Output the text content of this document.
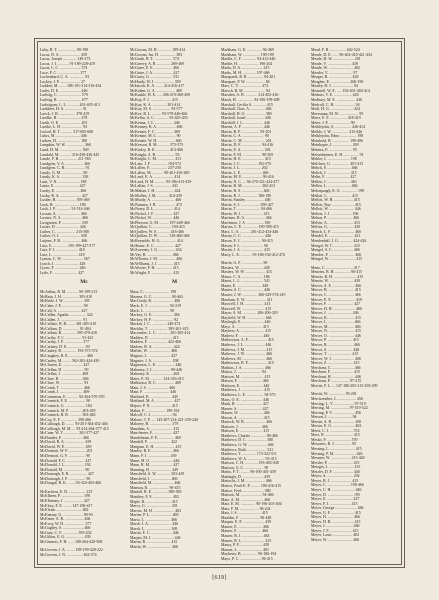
Luby, R. T. .................. 90-198
Lucas, D. A. .................... 439
Lucas, Joseph .............. 149-273
Lucas, J. I. ........... 91-189-228-419
Lucas, L. C. ..................... 574
Luce, F. C. ...................... 377
Luchenbard, C. A. ............... 93
Luckey, J. F. .................... 27
Ludden, M. ....... 186-191-314-316-434
Luder, D. E. ..................... 446
Ludwig, C. ....................... 579
Ludwig, R. ....................... 677
Ludwigsen, L. L. ........... 201-405-413
Luebbert, H. A. ................. 91
Lueck, J. B. ................ 378-419
Luedke, B. ....................... 478
Lueth, O. E. ..................... 201
Luetke, L. H. ..................... 93
Luford, H. T. ........... 317-605-606
Luhrs, M. ........................ 446
Luiken, H. ....................... 188
Lumpkin, W. W. .................. 360
Lund, H. M. ...................... 569
Lundahl, M. ........... 316-438-436-445
Lunde, F. H. ................. 211-565
Lundgren, V. A. .................. 466
Lundgren, C. R. ................... 91
Lundy, G. M. ..................... 90
Lundy, K. A. ..................... 339
Lunt, V. N. ...................... 188
Luntz, E. ........................ 427
Luohy, E. ........................ 466
Lusby, R. A. ..................... 427
Lusher, R. ................... 395-469
Lusk, H. ......................... 190
Lusk, J. P. .............. 91-514-446
Lussan, A. ....................... 466
Lussier, N. A. ................... 466
Lustgarten, F. ................... 339
Luster, D. ....................... 426
Luther, C. ................... 215-580
Luther, O. J. .................... 438
Lutjens, F. B. ................... 466
Lutz, E. .............. 195-199-427-577
Lutz, F. J. ...................... 418
Lutz, L. ......................... 418
Lyman, C. W. ..................... 567
Lynch, J. ........................ 428
Lyons, F. ........................ 446
Lytle, F. ........................ 427
Mc
McArthur, R. M. ........... 90-199-213
McBain, J. H. ................ 395-410
McBride, J. W. ................... 395
McCabe, J. F. ..................... 90
McCall, A. ....................... 427
McCallen, Agatha ................. 324
McCallen, J. ...................... 91
McCalliste, B. B. ....... 401-405-410
McCallum, D. ................ 91-404
McCallum, R. ............. 395-470-418
McCarthy, F. C. ................ 91-421
McCarthy, J. F. .................. 577
McCartney, D. E. ................. 93
McCaskey, R. .............. 193-573-574
McCaughey, R. E. ................. 466
McCauley, M. ........ 562-202-424-439
McClarren, E. .................... 427
McClellan, D. ..................... 90
McClellan, J. .................... 469
McClure, B. ...................... 466
McClure, W. ....................... 93
McComb, T. ....................... 466
McComb, J. ....................... 469
McCommons, E. ........... 92-264-570-570
McCormick, F. E. ................. 90
McCormick, G. .................... 184
McCormick, M. P. ............ 203-459
McCormick, R. R. ............ 563-446
McCoy, E. F. ................ 390-466
McCullough, D. ........ 93-201-364-432-446
McCullough, M. M. ... 93-214-464-577-415
McCune, W. T. .............. 201-577-427
McDanifer, F. .................... 466
McDavid, R. A. ................... 439
McDavid, W. E. ................... 439
McDermott, W. F. ................. 201
McDermott, G. F. ................. 90
McDonald, F. C. .................. 427
McDonald, J. L. .................. 192
McDonald, M. ..................... 90
McDonough, E. R. ................. 427
McDonough, J. F. ................. 90
McDougal, R. K. ....... 93-324-403-466
McEachern, E. D. ................. 215
McElheen, P. ...................... 198
McElhinney, J. ................... 427
McElroy, F. E. ........ 147-186-417
McElvain .......................... 482
McEneany, G. .................... 90-93
McEntee, A. R. ................... 466
McEvoy, W. D. .................... 377
McGaghey, S. ..................... 466
McGary, C. F. ............... 395-432
McGilton, E. G. .................. 439
McGinness, F. H. ...... 180-264-420-568
McGovern, J. A. ........ 188-199-428-222
McGovern, J. N. ................ 462-574
McGowan, M. H. ............. 189-414
McGowan, Jas. H. ................ 383
McGrath, R. T. .................. 574
McGreevy, A. R. ............. 269-469
McGuire, E. E. .................. 466
McGuire, J. A. ................... 427
McGurty, G. ...................... 531
McHardy, W. J. ................... 359
McIntosh, K. A. ....... 414-416-417
McKahen, G. A. ................... 469
McKaskle, H. E. ..... 206-219-260-269
McKay, F. J. ..................... 415
McKay, K. A. .............. 201-414
McKay, M. S. .................. 93-577
McKee, R. L. ......... 93-578-446-466
McKellar, A. C. ............. 93-425-435
McKenna, J. C. .................. 446
McKenney, R. A. .................. 466
McKenzie, F. C. ................. 469
McKenzie, M. C. .................. 90
McKenzie, W. H. ................. 466
McKesson, R. M. ........... 575-575
McKinley, B. E. ............. 413-466
McKnight, A. B. .................. 93
McKnight, C. M. ................. 411
McLain, J. F. ................ 194-572
McLallen, E. ................ 237-250
McLallen, M. ........... 90-201-416-469
McLeod, E. A. .................... 414
McLeod, H. M. .......... 93-196-413-439
McLellan, J. S. ................. 441
McMahan, J. H. .................. 424
McMullen, J. M. ........... 414-439
McMurdy, A. ....................... 466
McNamara, J. B. .................. 473
McNeary, D. L. .................. 414
McNichol, J. F. .................. 427
McNichol, W. .................... 446
McPherson, G. M. ......... 187-448-466
McQuillan, C. .................. 194-415
McQuillen, W. S. ............ 416-466
McQuillan, D. W. .......... 316-460-466
McReynolds, H. G. ............... 414
McShane, E. C. ................... 427
McSweeney, J. G. ................ 454
McVay, R. ......................... 466
McWhorter, J. M. ................. 466
McWilliams, J. J. ............... 415
McWorter, F. H. ................ 415
McWright, F. ..................... 415
M
Maas, C. ......................... 198
Maasen, G. C. .................. 90-463
MacCurdy, R. ..................... 406
Mack, E. J. ..................... 92-219
Mack, L. ......................... 90
Mackey, G. E. .................... 384
Mackey, H. F. ..................... 92
Mackin, J. C. ............... 240-472
Macklin, T. ................... 395-201-415
Macomber, L. C. ............ 201-205-414
Madden, D. ....................... 415
Madden, F. ................... 422-466
Madsen, R. A. .................... 424
Maffett, W. ...................... 466
Magnus, L. ...................... 427
Maguire, J. A. ................... 198
Magnuson, L. E. .................. 446
Mahoney, J. J. ................. 90-446
Mahoney, K. ...................... 463
Maier, E. M. ............ 314-316-413
Mailhouse, B. C. ................. 469
Main, J. S. ..................... 466
Main, F. .......................... 446
Maitland, K. ..................... 445
Maitland, M. A. .................. 427
Majors, P. N. .................... 415
Makin, F. .................... 190-194
Malcolf, C. J. .................... 94
Malone, T. P. .... 145-207-214-221-239-240
Maloney, R. ...................... 379
Manahan, A. ...................... 415
Manchester, F. ................... 427
Mandelstam, F. E. ............... 469
Mandell, F. ...................... 422
Mangum, E. H. .................... 415
Manley, R. E. .................... 466
Mann, F. J. ...................... 439
Mann, M. O. ...................... 446
Mann, R. M. ...................... 427
Manning, H. ..................... 449
Mansfield, A. W. ............. 203-429
Mansfield, J. .................... 466
Mansfield, M. ..................... 466
Manson, R. .................... 90-415
Mantell, R. E. ............... 580-569
Manthey, F. E. ................... 402
Maple, R. ......................... 415
Marcy, G. ......................... 201
Marcus, M. H. ..................... 463
Marien, P. L. ..................... 469
Mario, L. ......................... 466
Marsh, J. A. ...................... 446
Marsh, L. ......................... 369
Martin, E. C. ..................... 446
Marpin, M. J. ...................... 446
Martin, R. ........................ 415
Martin, W. ........................ 466
Markham, G. E. ............... 94-469
Markham, W. ................. 190-199
Markle, C. F. .............. 94-412-446
Markle, H. .................... 196-202
Marks, D. A. ..................... 415
Marks, M. H. ............. 197-466
Marquardt, R. R. ............... 94-201
Marquart, P. W. ................... 84
Mars, C. V. ...................... 474
Marsch, R. M. ..................... 94
Marsden, A. B. ............ 314-402-416
Marsh, H. ................ 94-196-199-408
Marshall, Cecilia A. ............. 415
Marshall, Chas. A. .............. 466
Marshall, H. O. ................... 380
Marshall, Israel .................. 446
Marshall, J. L. ................... 446
Marten, A. F. ..................... 446
Martin, B. F. .................. 93-201
Martin, C. A. ...................... 90
Martin, C. M. ...................... 201
Martin, D. E. ................... 94-416
Martin, E. A. ...................... 201
Martin, F. M. ................... 90-565
Martin, H. E. ...................... 415
Martin, J. C. ................ 192-576
Martin, J. L. .................... 202
Martin, L. E. .................... 466
Martin, M. E. ................... 90-416
Martin, N. C. ... 94-270-321-424-477
Martin, R. M. .................. 202-413
Martin, R. S. ..................... 466
Martin, R. J. ................ 186-190
Martin, Stanley .................. 446
Martin, S. J. ................... 390-427
Martin, T. ....................... 94-466
Martin, W. J. ..................... 415
Martinez, R. G. ................... 466
Martinson, J. A. ................. 190
Marvin, L. E. ............... 190-588-415
Marx, L. A. .......... 201-412-434-446
Mason, C. C. ...................... 446
Mason, E. J. .................... 90-415
Mason, F. L. ...................... 96
Mastin, J. A. ...................... 415
Marty, L. E. ........... 93-186-192-412-476
Martin, G. F. ..................... 90
Masters, W. ....................... 428
Masters, W. W. .................... 415
Mauro, C. A. ..................... 186
Mauss, L. L. ...................... 541
Maute, E. ......................... 449
Mauter, S. C. ..................... 446
Mauter, J. W. ............... 206-329-574-419
Maxham, E. W. .................... 411
Maxwell, J. H. ................... 413
Maxwell, W. ....................... 415
Mayer, A. M. .............. 206-206-329
Mayfield, W. H. .................. 466
Mayhugh, E. ...................... 446
Mayo, A. .......................... 415
Mayhew, A. ........................ 415
Mathew, F. ........................ 446
Mathewson, A. F. .................. 415
Mathews, J. L. .................... 446
Mathews, J. M. .................... 415
Mathews, J. W. .................... 466
Mathews, M. ....................... 466
Mathewson, R. F. .................. 415
Mathias, J. A. ..................... 466
Mattox, J. ........................ 94
Mattson, M. ....................... 415
Matson, F. ........................ 466
Mattison, E. ...................... 446
Matthews, J. ...................... 415
Matthews, L. E. ................. 94-573
Maus, O. E. ...................... 446
Mauk, R. .......................... 427
Maurer, S. ........................ 427
Maurer, W. ........................ 466
Maxon, A. ......................... 415
Mattock, W. B. .................... 466
Mattoon, J. ...................... 466
Mattson, E. ....................... 415
Matthews, Charles ............... 90-466
Matthews, D. C. ................... 380
Matthews, G. W. ................... 466
Matthews, Ruth .................... 541
Matthews, T. .............. 173-322-511
Matthews, W. A. ................. 93-413
Mattson, C. H. ............. 193-403-438
Mattson, G. C. ................... 90
Mattis, F. T. ......... 96-190-401-439
Mattingly, D. ..................... 439
Mattocks, J. M. ................... 466
Mattox, Pearl E. P. ......... 180-416-415
Mattox, Fred ...................... 380
Mattson, M. ..................... 94-466
Matz, A. M. ....................... 466
Matz, E. M. ............... 90-196-201-404
Matz, F. M. ................... 96-241
Matz, J. S. ....................... 415
Mauldin, F. .................... 90-448
Maupin, E. E. ..................... 439
Maurer, E. ........................ 466
Maurer, F. ........................ 466
Maurer, R. J. ..................... 463
Maurer, R. L. ...................... 415
Maury, P. F. ...................... 439
Mauser, L. ........................ 401
Mayberry, B. ............... 96-186-194
Mayo, P. C. ..................... 96-415
Mead, F. B. ................ 442-524
Meade, D. E. ...... 96-402-410-421-434
Meade, H. W. ..................... 201
Meade, V. ........................ 439
Meade, W. ......................... 402
Meador, V. ........................ 97
Meager, R. ....................... 428
Meagher, E. ................... 206-190
Mealey, H. J. ..................... 94
Meansell, W. E. ..... 192-401-404-414
Medaris, V. E. .................. 426
Medbury, M. E. ................... 426
Medcalf, C. H. .................... 94
Medi, H. G. ....................... 424
Meersman, M. W. ................... 95
Meier, E. F. ................. 418-419
Meier, J. F. ..................... 90
Meiklejohn, A. ................ 446-414
Meikle, J. W. ................ 415-446
Meiklejohn, Edna ................. 198
Meinhold, R. ................. 199-406
Meinkopte, J. ................... 439
Meintra, E. ....................... 95
Meisenheimer, E. H. ............... 91
Mekler, J. ....................... 198
Melchert, G. .................. 401-415
Melick, E. ....................... 466
Melick, J. ....................... 415
Melin, F. ........................ 427
Mellen, J. ....................... 463
Mellen, L. ....................... 466
Melonpaagh, E. G. ................ 198
Mellott, L. ....................... 415
Mellott, W. H. ................... 415
Mellott, Ray ....................... 415
Mellott, W. ......................... 446
Melton, J. J. ..................... 196
Melton, P. ......................... 466
Melvin, A. ......................... 415
Melvin, G. ......................... 430
Mench, L. F. ....................... 466
Mendel, E. ......................... 421
Mendenhall, J. G. ............. 424-426
Mengel, W. C. ................... 415
Mengel, S. C. .................... 466
Mendez, P. .......................... 466
Mengel, W. .......................... 415
Meno, C. ........................... 417
Menzies, R. H. ............... 90-415
Menzie, R. H. ....................... 415
Menzie, W. ........................ 439
Mercer, A. E. ...................... 466
Mercer, B. .......................... 415
Mercer, C. .......................... 466
Mercer, E. E. ....................... 419
Mercer, F. .......................... 427
Mercer, H. H. ...................... 466
Mercer, J. ......................... 446
Mercer, K. .......................... 415
Mercer, L. .......................... 466
Mercer, M. ......................... 466
Mercer, N. .......................... 415
Mercer, O. .......................... 446
Mercer, P. ......................... 415
Mercer, R. ......................... 466
Mercer, S. ......................... 446
Mercer, T. ........................ 415
Mercer, W. J. ...................... 466
Mercer, Z. ......................... 415
Merchant, C. ...................... 466
Merchant, F. ...................... 415
Merchant, H. ...................... 446
Merchant, P. .................. 97-215
Merritt, F. L. ... 147-186-203-213-293-299
Merritt, W. ................ 95-201
Merriweather, J. ................... 456
Merring, L. V. .................... 97-519
Merring, M. .................. 97-519-522
Merring, P. V. ..................... 456
Merson, J. ........................ 94
Mersin, A. R. ...................... 200
Mersin, E. G. ...................... 463
Mertz, C. J. ....................... 574
Merz, R. ............................ 415
Mesko, F. ........................ 570
Messaros, R. J. ................ 95
Messing, L. ......................... 415
Messing, P. M. ..................... 426
Messner, W. .................... 415-426
Mestler, P. ......................... 415
Metzger, J. ......................... 415
Metzler, D. F. .................... 446
Meyer, A. .......................... 202
Meyer, B. J. ..................... 415
Meyer, C. ....................... 190-466
Meyer, C. H. ....................... 446
Meyer, D. .......................... 195
Meyer, E. .......................... 427
Meyer, F. J. ..................... 415
Meyer, George ...................... 466
Meyer, G. F. ....................... 415
Meyer, H. .......................... 466
Meyer, H. B. ...................... 415
Meyer, J. ........................... 466
Meyer, J. F. ...................... 415
Meyer, Louis .................... 402
Meyer, W. ......................... 466
[619]
